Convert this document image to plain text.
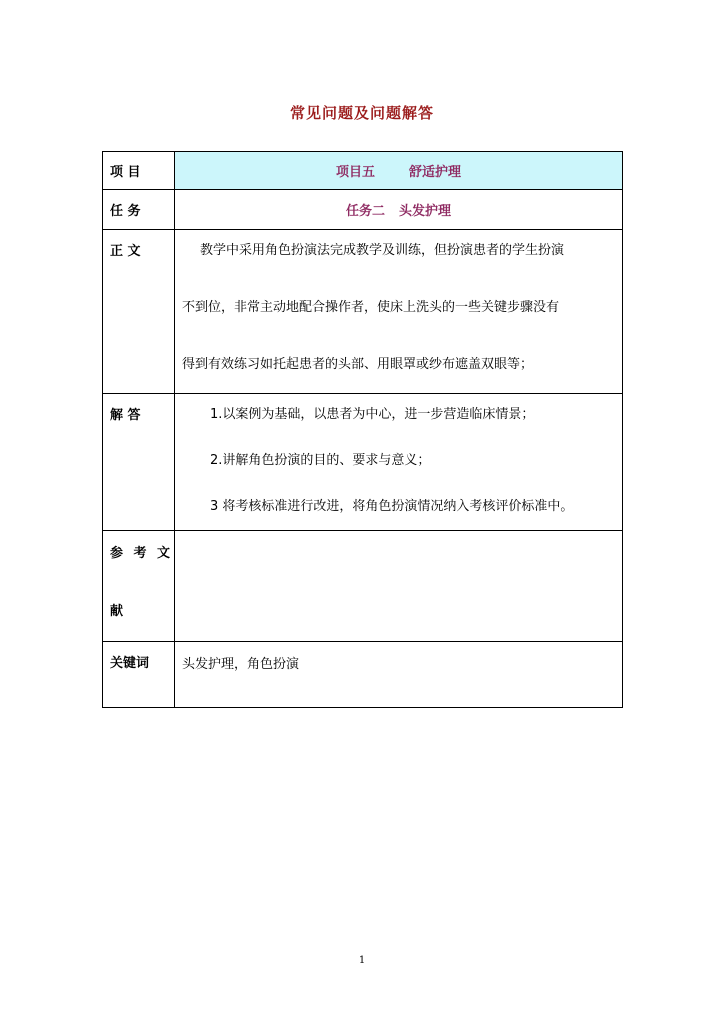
常见问题及问题解答
项 目	项目五 舒适护理
任 务	任务二 头发护理
正 文	教学中采用角色扮演法完成教学及训练，但扮演患者的学生扮演
不到位，非常主动地配合操作者，使床上洗头的一些关键步骤没有
得到有效练习如托起患者的头部、用眼罩或纱布遮盖双眼等；

解 答	1.以案例为基础，以患者为中心，进一步营造临床情景；
2.讲解角色扮演的目的、要求与意义；
3 将考核标准进行改进，将角色扮演情况纳入考核评价标准中。

参 考 文
献	

关键词	头发护理，角色扮演
1
